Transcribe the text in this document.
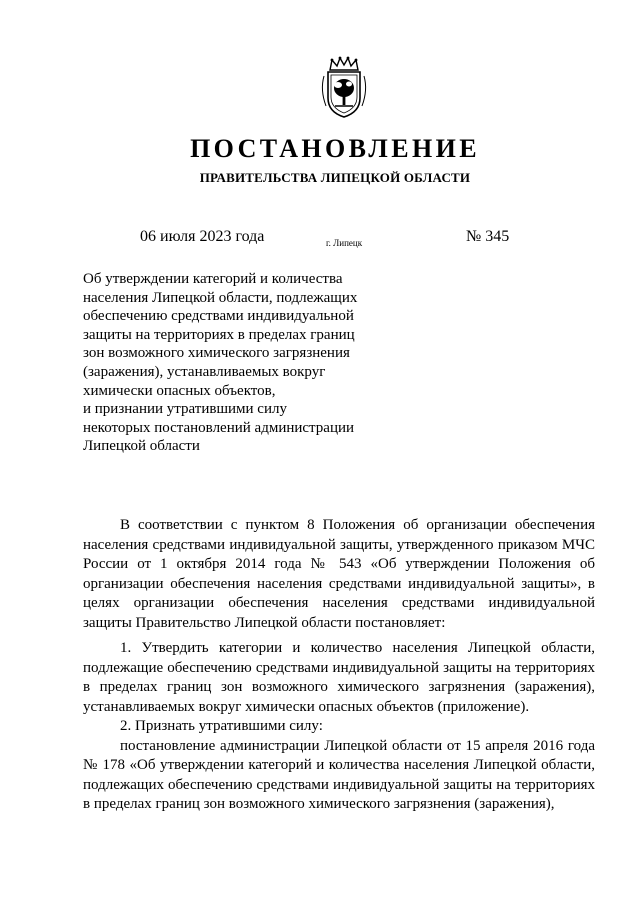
ПОСТАНОВЛЕНИЕ
ПРАВИТЕЛЬСТВА ЛИПЕЦКОЙ ОБЛАСТИ
06 июля 2023 года	г. Липецк	№ 345
Об утверждении категорий и количества
населения Липецкой области, подлежащих
обеспечению средствами индивидуальной
защиты на территориях в пределах границ
зон возможного химического загрязнения
(заражения), устанавливаемых вокруг
химически опасных объектов,
и признании утратившими силу
некоторых постановлений администрации
Липецкой области

В соответствии с пунктом 8 Положения об организации обеспечения населения средствами индивидуальной защиты, утвержденного приказом МЧС России от 1 октября 2014 года № 543 «Об утверждении Положения об организации обеспечения населения средствами индивидуальной защиты», в целях организации обеспечения населения средствами индивидуальной защиты Правительство Липецкой области постановляет:

1. Утвердить категории и количество населения Липецкой области, подлежащие обеспечению средствами индивидуальной защиты на территориях в пределах границ зон возможного химического загрязнения (заражения), устанавливаемых вокруг химически опасных объектов (приложение).

2. Признать утратившими силу:

постановление администрации Липецкой области от 15 апреля 2016 года № 178 «Об утверждении категорий и количества населения Липецкой области, подлежащих обеспечению средствами индивидуальной защиты на территориях в пределах границ зон возможного химического загрязнения (заражения),
